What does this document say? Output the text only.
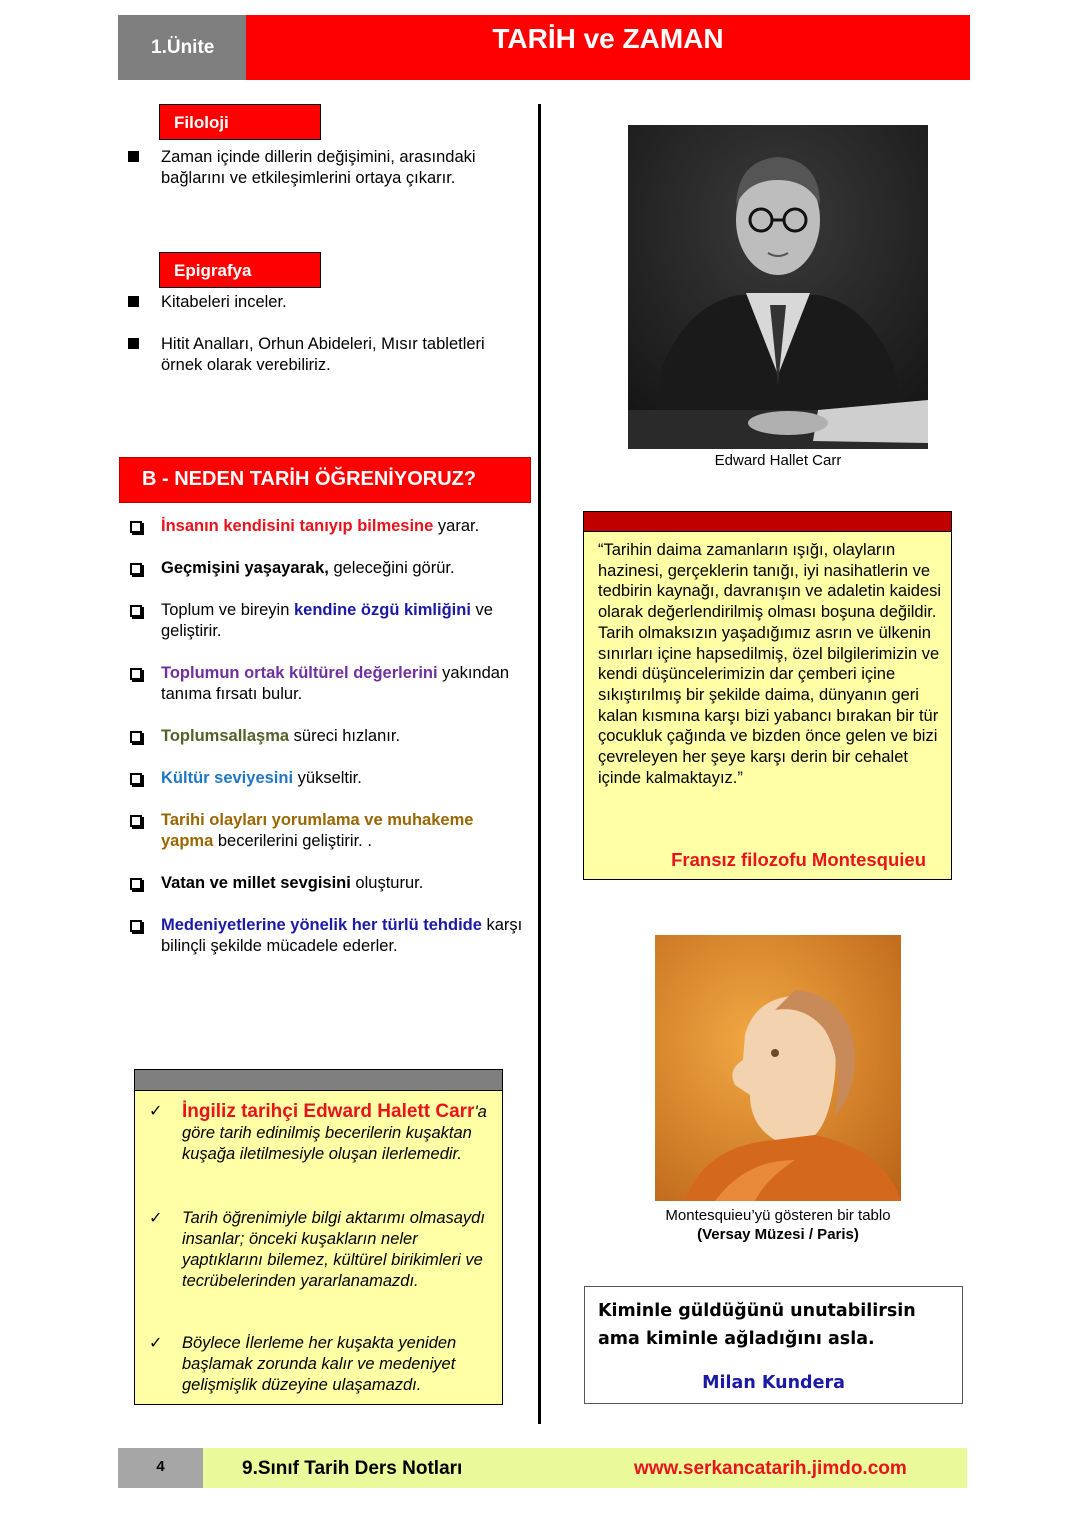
1.Ünite	TARİH ve ZAMAN
Filoloji
Zaman içinde dillerin değişimini, arasındaki bağlarını ve etkileşimlerini ortaya çıkarır.
Epigrafya
Kitabeleri inceler.
Hitit Analları, Orhun Abideleri, Mısır tabletleri örnek olarak verebiliriz.
B - NEDEN TARİH ÖĞRENİYORUZ?
İnsanın kendisini tanıyıp bilmesine yarar.
Geçmişini yaşayarak, geleceğini görür.
Toplum ve bireyin kendine özgü kimliğini ve geliştirir.
Toplumun ortak kültürel değerlerini yakından tanıma fırsatı bulur.
Toplumsallaşma süreci hızlanır.
Kültür seviyesini yükseltir.
Tarihi olayları yorumlama ve muhakeme yapma becerilerini geliştirir. .
Vatan ve millet sevgisini oluşturur.
Medeniyetlerine yönelik her türlü tehdide karşı bilinçli şekilde mücadele ederler.
✓	İngiliz tarihçi Edward Halett Carr'a göre tarih edinilmiş becerilerin kuşaktan kuşağa iletilmesiyle oluşan ilerlemedir.
✓	Tarih öğrenimiyle bilgi aktarımı olmasaydı insanlar; önceki kuşakların neler yaptıklarını bilemez, kültürel birikimleri ve tecrübelerinden yararlanamazdı.
✓	Böylece İlerleme her kuşakta yeniden başlamak zorunda kalır ve medeniyet gelişmişlik düzeyine ulaşamazdı.
Edward Hallet Carr
“Tarihin daima zamanların ışığı, olayların hazinesi, gerçeklerin tanığı, iyi nasihatlerin ve tedbirin kaynağı, davranışın ve adaletin kaidesi olarak değerlendirilmiş olması boşuna değildir. Tarih olmaksızın yaşadığımız asrın ve ülkenin sınırları içine hapsedilmiş, özel bilgilerimizin ve kendi düşüncelerimizin dar çemberi içine sıkıştırılmış bir şekilde daima, dünyanın geri kalan kısmına karşı bizi yabancı bırakan bir tür çocukluk çağında ve bizden önce gelen ve bizi çevreleyen her şeye karşı derin bir cehalet içinde kalmaktayız.”
Fransız filozofu Montesquieu
Montesquieu’yü gösteren bir tablo
(Versay Müzesi / Paris)
Kiminle güldüğünü unutabilirsin ama kiminle ağladığını asla.
Milan Kundera
4	9.Sınıf Tarih Ders Notları	www.serkancatarih.jimdo.com
